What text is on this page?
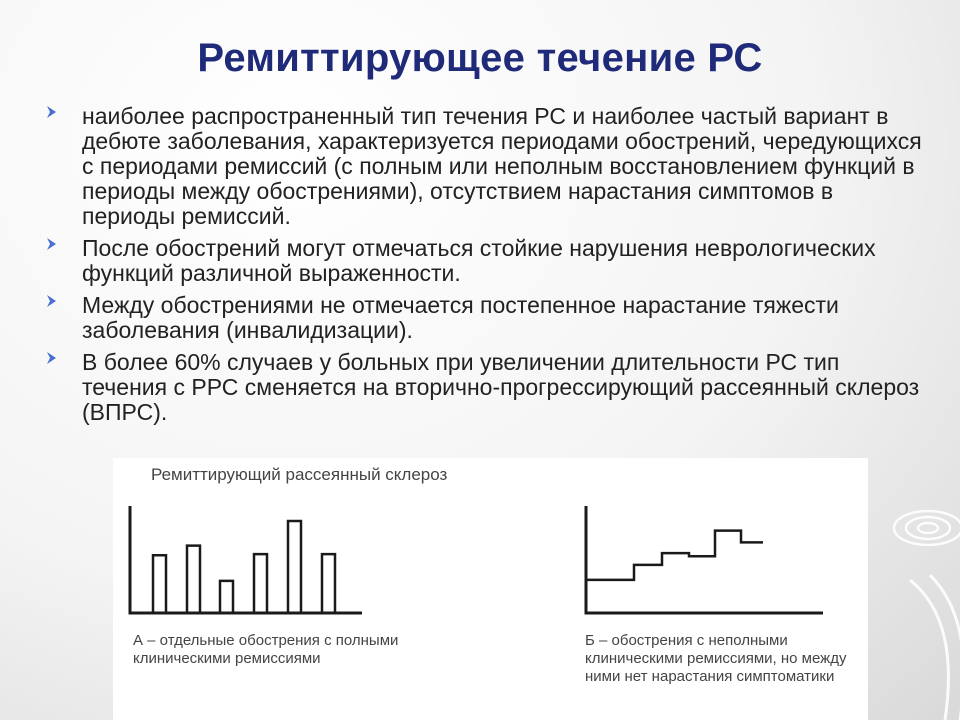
Ремиттирующее течение РС
наиболее распространенный тип течения РС и наиболее частый вариант в дебюте заболевания, характеризуется периодами обострений, чередующихся с периодами ремиссий (с полным или неполным восстановлением функций в периоды между обострениями), отсутствием нарастания симптомов в периоды ремиссий.
После обострений могут отмечаться стойкие нарушения неврологических функций различной выраженности.
Между обострениями не отмечается постепенное нарастание тяжести заболевания (инвалидизации).
В более 60% случаев у больных при увеличении длительности РС тип течения с РРС сменяется на вторично-прогрессирующий рассеянный склероз (ВПРС).
Ремиттирующий рассеянный склероз
А – отдельные обострения с полными клиническими ремиссиями
Б – обострения с неполными клиническими ремиссиями, но между ними нет нарастания симптоматики
